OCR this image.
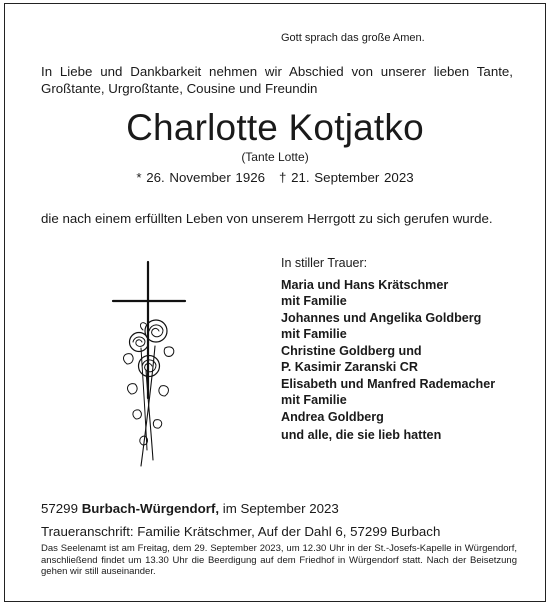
Gott sprach das große Amen.
In Liebe und Dankbarkeit nehmen wir Abschied von unserer lieben Tante, Großtante, Urgroßtante, Cousine und Freundin
Charlotte Kotjatko
(Tante Lotte)
* 26. November 1926 † 21. September 2023
die nach einem erfüllten Leben von unserem Herrgott zu sich gerufen wurde.
In stiller Trauer:
Maria und Hans Krätschmer
mit Familie
Johannes und Angelika Goldberg
mit Familie
Christine Goldberg und
P. Kasimir Zaranski CR
Elisabeth und Manfred Rademacher
mit Familie
Andrea Goldberg
und alle, die sie lieb hatten
57299 Burbach-Würgendorf, im September 2023
Traueranschrift: Familie Krätschmer, Auf der Dahl 6, 57299 Burbach
Das Seelenamt ist am Freitag, dem 29. September 2023, um 12.30 Uhr in der St.-Josefs-Kapelle in Würgendorf, anschließend findet um 13.30 Uhr die Beerdigung auf dem Friedhof in Würgendorf statt. Nach der Beisetzung gehen wir still auseinander.
